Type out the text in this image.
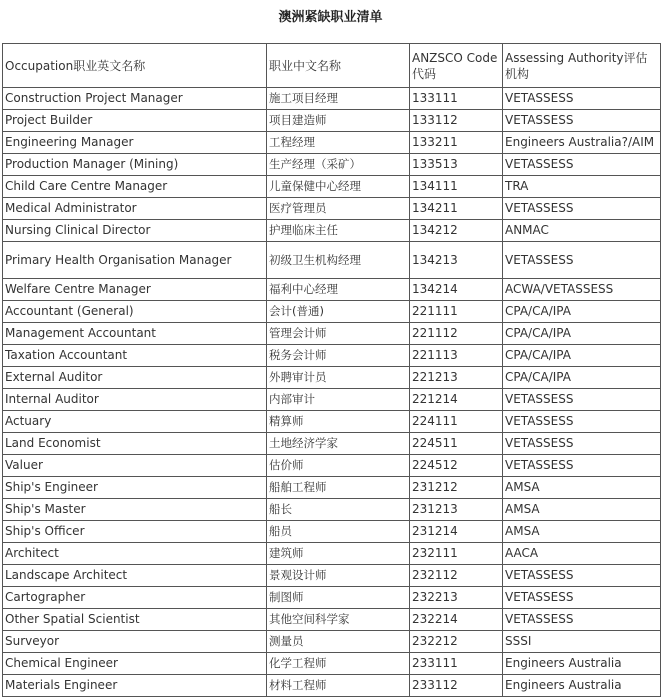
澳洲紧缺职业清单
Occupation职业英文名称	职业中文名称	ANZSCO Code 代码	Assessing Authority评估机构
Construction Project Manager	施工项目经理	133111	VETASSESS
Project Builder	项目建造师	133112	VETASSESS
Engineering Manager	工程经理	133211	Engineers Australia?/AIM
Production Manager (Mining)	生产经理（采矿）	133513	VETASSESS
Child Care Centre Manager	儿童保健中心经理	134111	TRA
Medical Administrator	医疗管理员	134211	VETASSESS
Nursing Clinical Director	护理临床主任	134212	ANMAC
Primary Health Organisation Manager	初级卫生机构经理	134213	VETASSESS
Welfare Centre Manager	福利中心经理	134214	ACWA/VETASSESS
Accountant (General)	会计(普通)	221111	CPA/CA/IPA
Management Accountant	管理会计师	221112	CPA/CA/IPA
Taxation Accountant	税务会计师	221113	CPA/CA/IPA
External Auditor	外聘审计员	221213	CPA/CA/IPA
Internal Auditor	内部审计	221214	VETASSESS
Actuary	精算师	224111	VETASSESS
Land Economist	土地经济学家	224511	VETASSESS
Valuer	估价师	224512	VETASSESS
Ship's Engineer	船舶工程师	231212	AMSA
Ship's Master	船长	231213	AMSA
Ship's Officer	船员	231214	AMSA
Architect	建筑师	232111	AACA
Landscape Architect	景观设计师	232112	VETASSESS
Cartographer	制图师	232213	VETASSESS
Other Spatial Scientist	其他空间科学家	232214	VETASSESS
Surveyor	测量员	232212	SSSI
Chemical Engineer	化学工程师	233111	Engineers Australia
Materials Engineer	材料工程师	233112	Engineers Australia
